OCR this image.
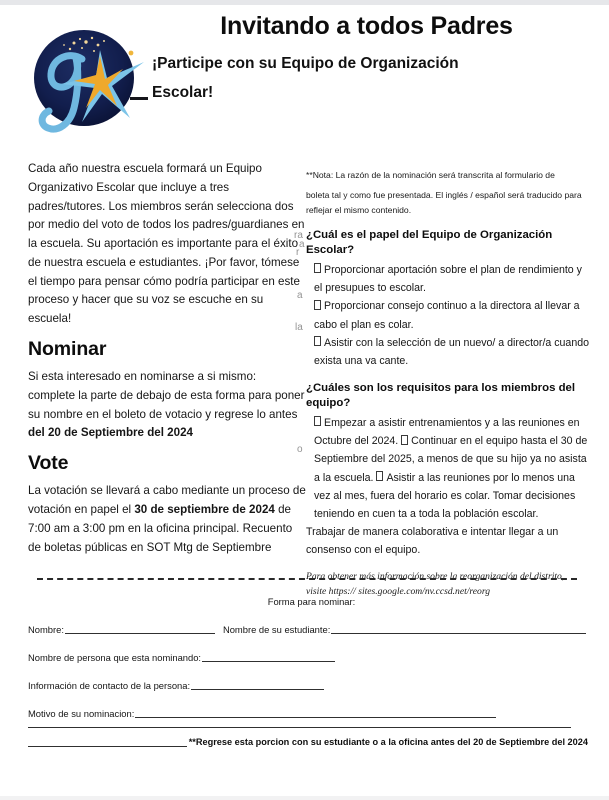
Invitando a todos Padres
¡Participe con su Equipo de Organización
Escolar!
Cada año nuestra escuela formará un Equipo Organizativo Escolar que incluye a tres padres/tutores. Los miembros serán selecciona dos por medio del voto de todos los padres/guardianes en la escuela. Su aportación es importante para el éxito de nuestra escuela e estudiantes. ¡Por favor, tómese el tiempo para pensar cómo podría participar en este proceso y hacer que su voz se escuche en su escuela!
Nominar
Si esta interesado en nominarse a si mismo: complete la parte de debajo de esta forma para poner su nombre en el boleto de votacio y regrese lo antes del 20 de Septiembre del 2024
Vote
La votación se llevará a cabo mediante un proceso de votación en papel el 30 de septiembre de 2024 de 7:00 am a 3:00 pm en la oficina principal. Recuento de boletas públicas en SOT Mtg de Septiembre

**Nota: La razón de la nominación será transcrita al formulario de

boleta tal y como fue presentada. El inglés / español será traducido para reflejar el mismo contenido.

¿Cuál es el papel del Equipo de Organización Escolar?
Proporcionar aportación sobre el plan de rendimiento y el presupues to escolar.
Proporcionar consejo continuo a la directora al llevar a cabo el plan es colar.
Asistir con la selección de un nuevo/ a director/a cuando exista una va cante.
¿Cuáles son los requisitos para los miembros del
equipo?
Empezar a asistir entrenamientos y a las reuniones en Octubre del 2024. Continuar en el equipo hasta el 30 de Septiembre del 2025, a menos de que su hijo ya no asista a la escuela. Asistir a las reuniones por lo menos una vez al mes, fuera del horario es colar. Tomar decisiones teniendo en cuen ta a toda la población escolar.
Trabajar de manera colaborativa e intentar llegar a un consenso con el equipo.
Para obtener más información sobre la reorganización del distrito,
visite https:// sites.google.com/nv.ccsd.net/reorg
a
a
o
ra
r
la
Forma para nominar:
Nombre:	Nombre de su estudiante:
Nombre de persona que esta nominando:
Información de contacto de la persona:
Motivo de su nominacion:
**Regrese esta porcion con su estudiante o a la oficina antes del 20 de Septiembre del 2024
